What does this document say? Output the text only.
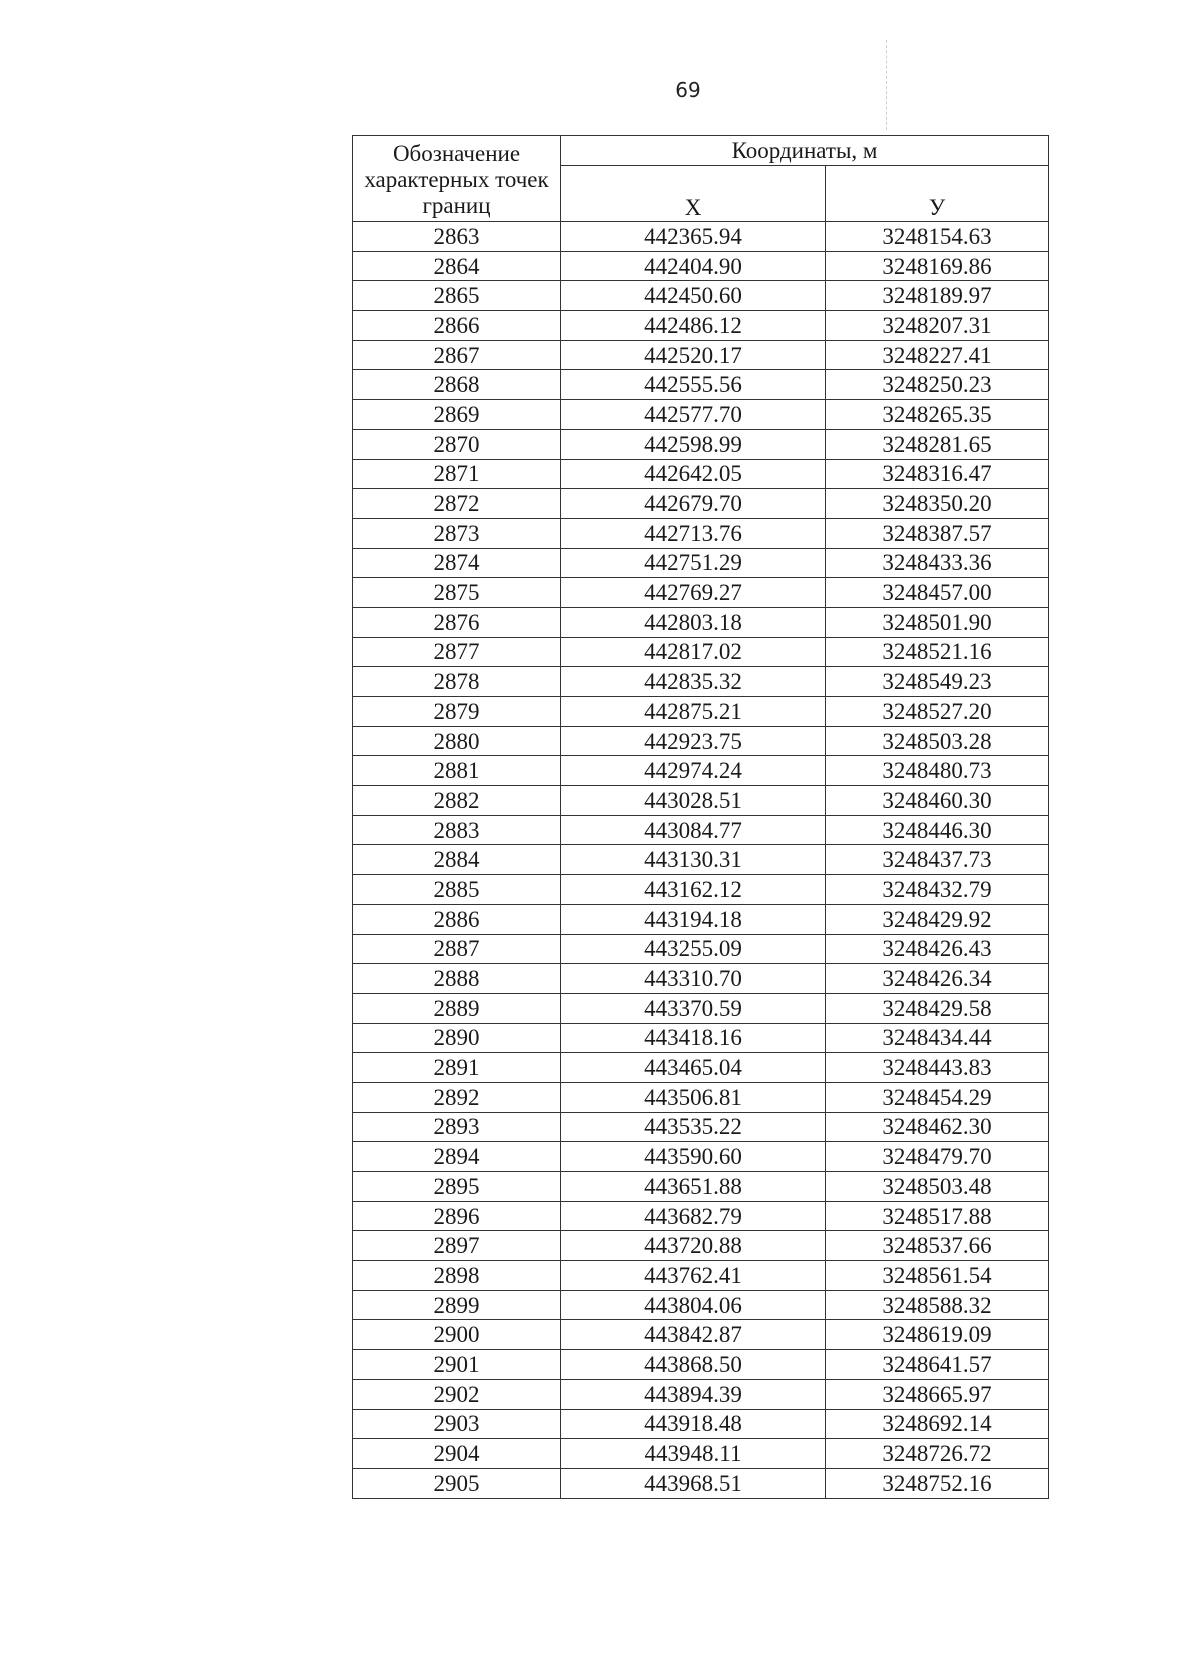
69
Обозначение характерных точек границ	Координаты, м	
	Х	У
2863	442365.94	3248154.63
2864	442404.90	3248169.86
2865	442450.60	3248189.97
2866	442486.12	3248207.31
2867	442520.17	3248227.41
2868	442555.56	3248250.23
2869	442577.70	3248265.35
2870	442598.99	3248281.65
2871	442642.05	3248316.47
2872	442679.70	3248350.20
2873	442713.76	3248387.57
2874	442751.29	3248433.36
2875	442769.27	3248457.00
2876	442803.18	3248501.90
2877	442817.02	3248521.16
2878	442835.32	3248549.23
2879	442875.21	3248527.20
2880	442923.75	3248503.28
2881	442974.24	3248480.73
2882	443028.51	3248460.30
2883	443084.77	3248446.30
2884	443130.31	3248437.73
2885	443162.12	3248432.79
2886	443194.18	3248429.92
2887	443255.09	3248426.43
2888	443310.70	3248426.34
2889	443370.59	3248429.58
2890	443418.16	3248434.44
2891	443465.04	3248443.83
2892	443506.81	3248454.29
2893	443535.22	3248462.30
2894	443590.60	3248479.70
2895	443651.88	3248503.48
2896	443682.79	3248517.88
2897	443720.88	3248537.66
2898	443762.41	3248561.54
2899	443804.06	3248588.32
2900	443842.87	3248619.09
2901	443868.50	3248641.57
2902	443894.39	3248665.97
2903	443918.48	3248692.14
2904	443948.11	3248726.72
2905	443968.51	3248752.16
